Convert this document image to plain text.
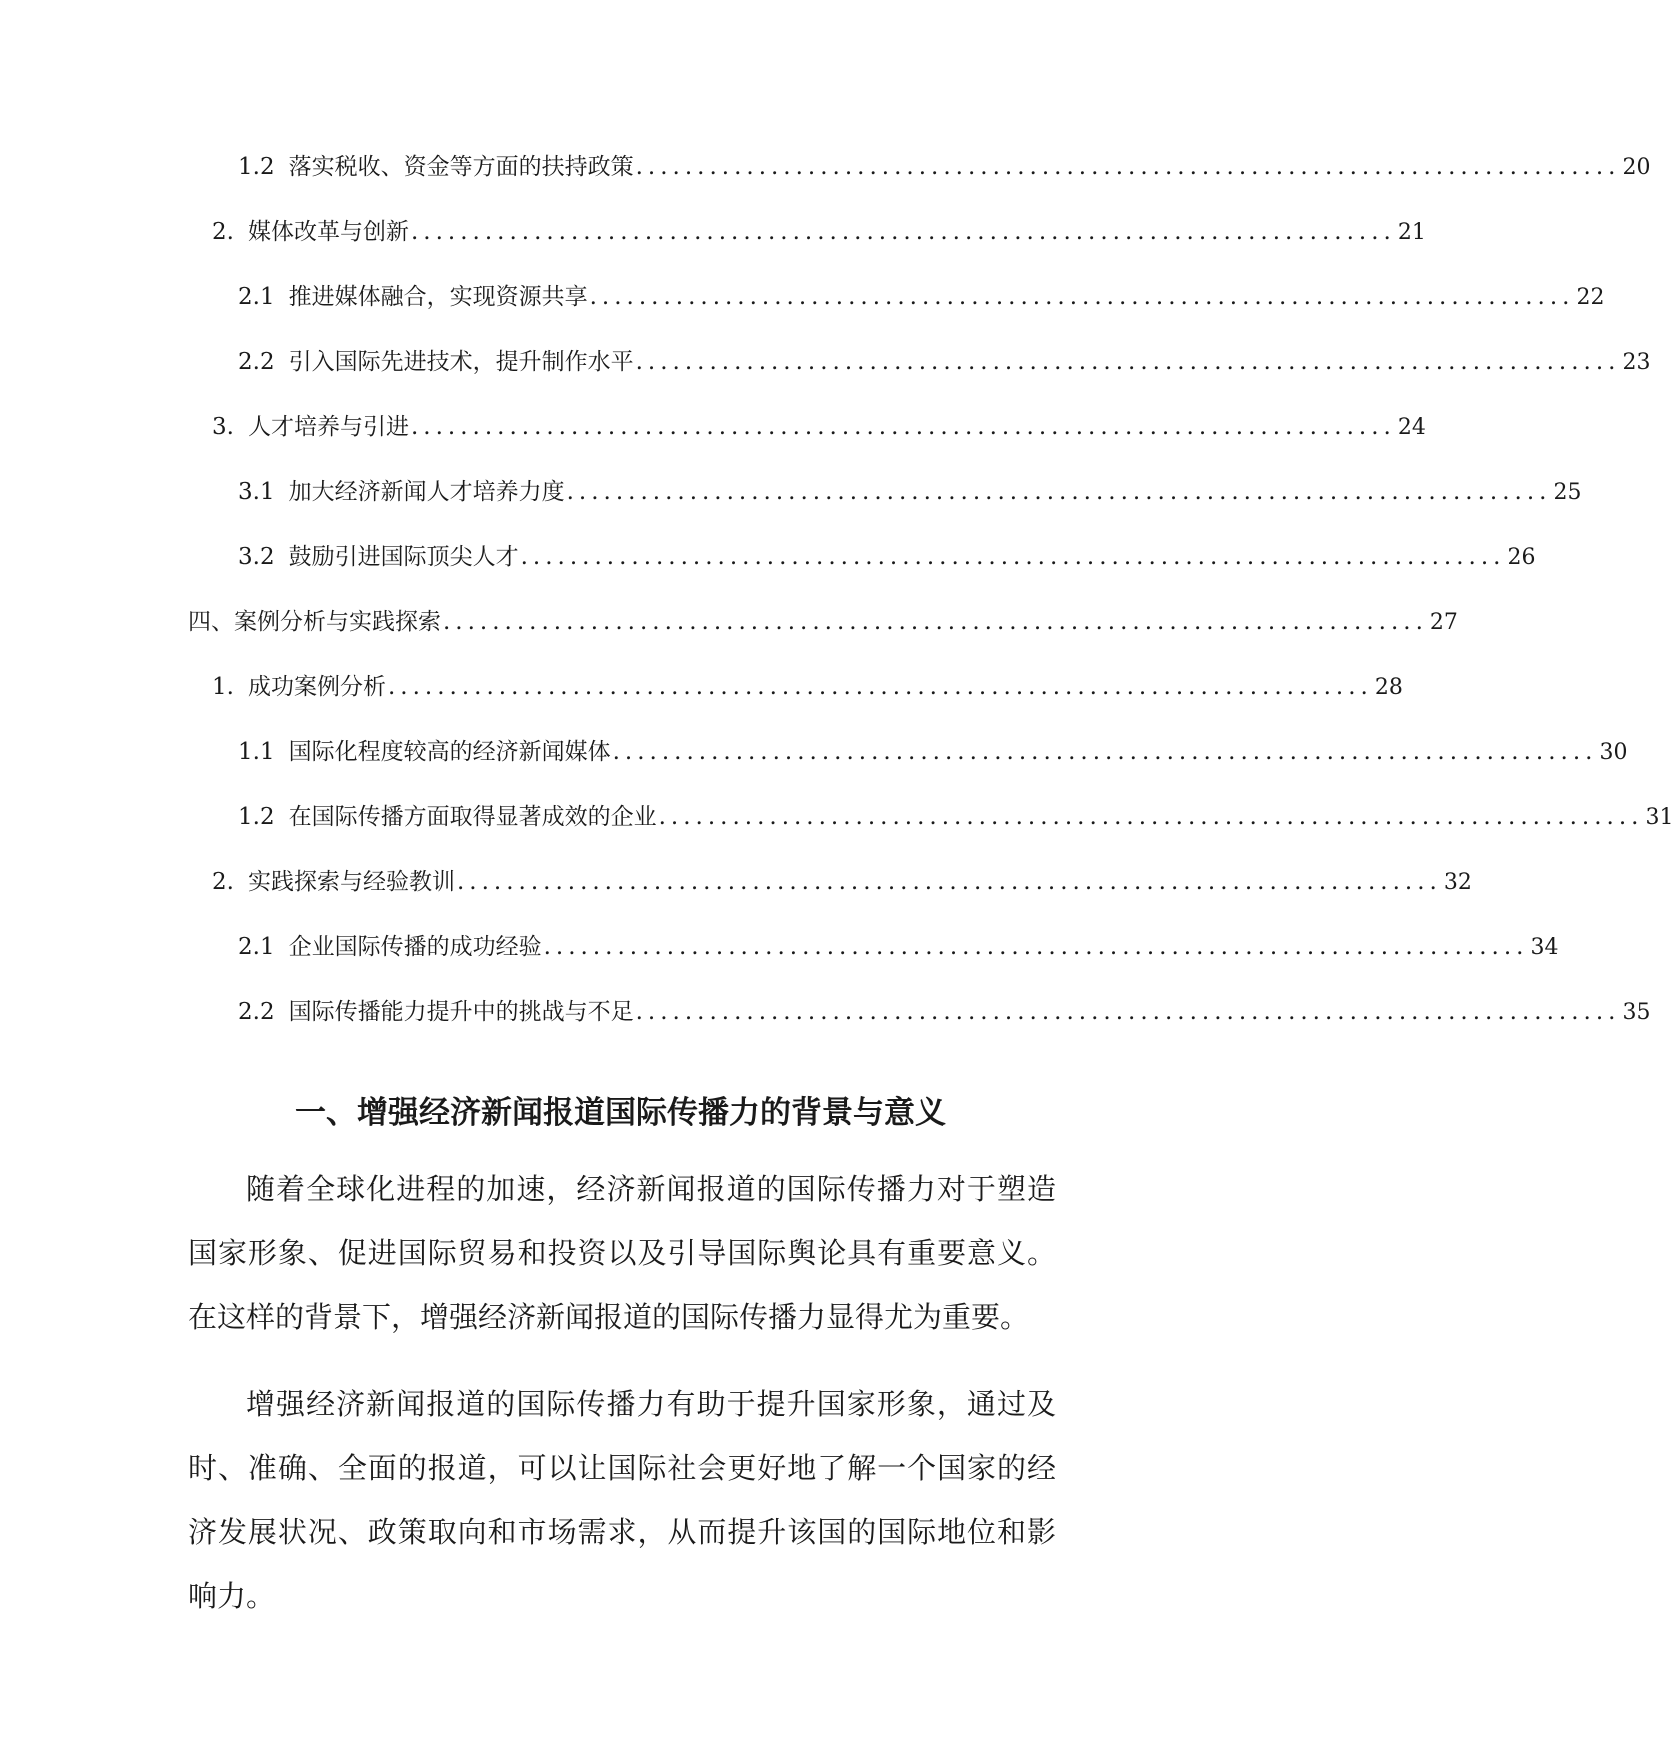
1.2 落实税收、资金等方面的扶持政策 ................................................................................ 20
2. 媒体改革与创新 ................................................................................ 21
2.1 推进媒体融合，实现资源共享 ................................................................................ 22
2.2 引入国际先进技术，提升制作水平 ................................................................................ 23
3. 人才培养与引进 ................................................................................ 24
3.1 加大经济新闻人才培养力度 ................................................................................ 25
3.2 鼓励引进国际顶尖人才 ................................................................................ 26
四、案例分析与实践探索 ................................................................................ 27
1. 成功案例分析 ................................................................................ 28
1.1 国际化程度较高的经济新闻媒体 ................................................................................ 30
1.2 在国际传播方面取得显著成效的企业 ................................................................................ 31
2. 实践探索与经验教训 ................................................................................ 32
2.1 企业国际传播的成功经验 ................................................................................ 34
2.2 国际传播能力提升中的挑战与不足 ................................................................................ 35
一、增强经济新闻报道国际传播力的背景与意义

随着全球化进程的加速，经济新闻报道的国际传播力对于塑造国家形象、促进国际贸易和投资以及引导国际舆论具有重要意义。在这样的背景下，增强经济新闻报道的国际传播力显得尤为重要。

增强经济新闻报道的国际传播力有助于提升国家形象，通过及时、准确、全面的报道，可以让国际社会更好地了解一个国家的经济发展状况、政策取向和市场需求，从而提升该国的国际地位和影响力。
